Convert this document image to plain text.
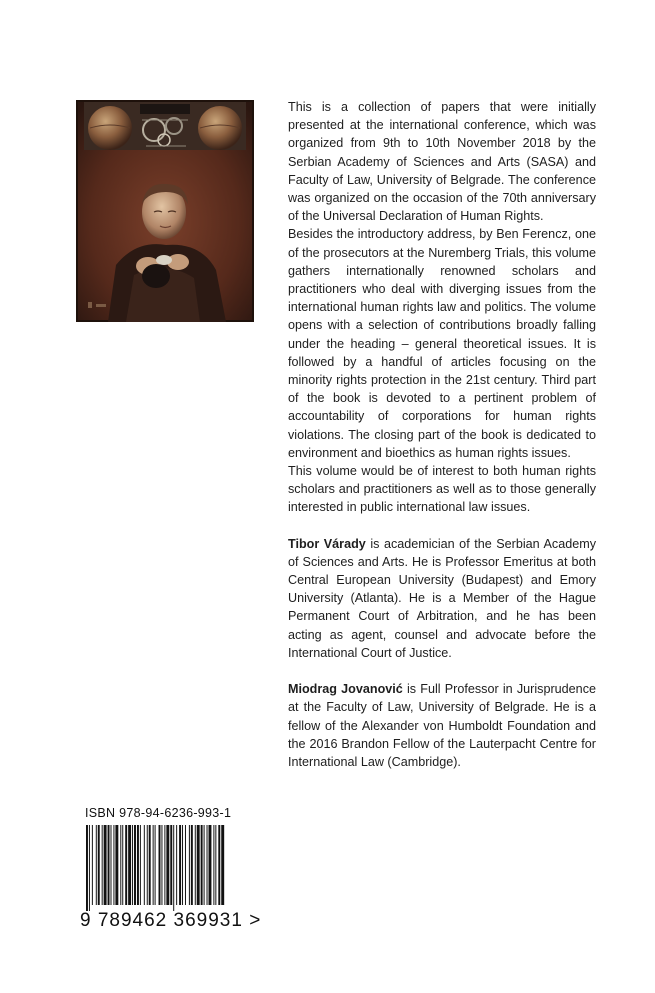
This is a collection of papers that were initially presented at the international conference, which was organized from 9th to 10th November 2018 by the Serbian Academy of Sciences and Arts (SASA) and Faculty of Law, University of Belgrade. The conference was organized on the occasion of the 70th anniversary of the Universal Declaration of Human Rights.

Besides the introductory address, by Ben Ferencz, one of the prosecutors at the Nuremberg Trials, this volume gathers internationally renowned scholars and practitioners who deal with diverging issues from the international human rights law and politics. The volume opens with a selection of contributions broadly falling under the heading – general theoretical issues. It is followed by a handful of articles focusing on the minority rights protection in the 21st century. Third part of the book is devoted to a pertinent problem of accountability of corporations for human rights violations. The closing part of the book is dedicated to environment and bioethics as human rights issues.

This volume would be of interest to both human rights scholars and practitioners as well as to those generally interested in public international law issues.

Tibor Várady is academician of the Serbian Academy of Sciences and Arts. He is Professor Emeritus at both Central European University (Budapest) and Emory University (Atlanta). He is a Member of the Hague Permanent Court of Arbitration, and he has been acting as agent, counsel and advocate before the International Court of Justice.

Miodrag Jovanović is Full Professor in Jurisprudence at the Faculty of Law, University of Belgrade. He is a fellow of the Alexander von Humboldt Foundation and the 2016 Brandon Fellow of the Lauterpacht Centre for International Law (Cambridge).

ISBN 978-94-6236-993-1
9 789462 369931 >
